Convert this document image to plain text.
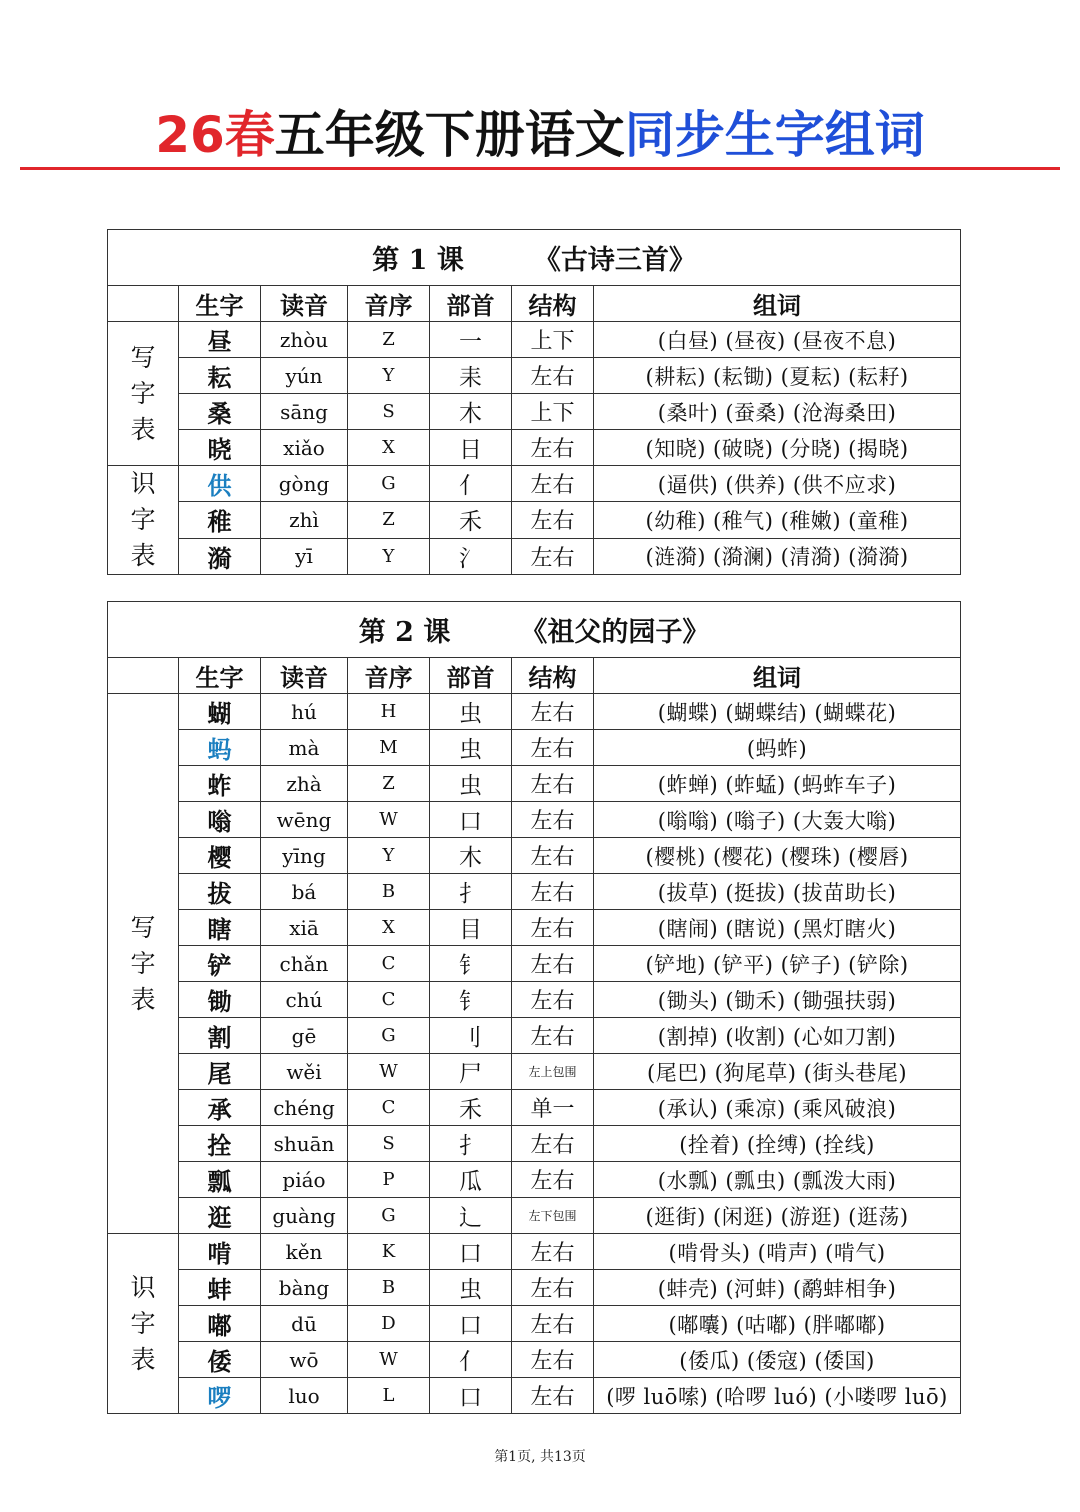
26春五年级下册语文同步生字组词
第 1 课 《古诗三首》						
	生字	读音	音序	部首	结构	组词

写
字
表	昼	zhòu	Z	一	上下	(白昼) (昼夜) (昼夜不息)
	耘	yún	Y	耒	左右	(耕耘) (耘锄) (夏耘) (耘耔)
	桑	sāng	S	木	上下	(桑叶) (蚕桑) (沧海桑田)
	晓	xiǎo	X	日	左右	(知晓) (破晓) (分晓) (揭晓)

识
字
表	供	gòng	G	亻	左右	(逼供) (供养) (供不应求)
	稚	zhì	Z	禾	左右	(幼稚) (稚气) (稚嫩) (童稚)
	漪	yī	Y	氵	左右	(涟漪) (漪澜) (清漪) (漪漪)
第 2 课 《祖父的园子》						
	生字	读音	音序	部首	结构	组词

写
字
表	蝴	hú	H	虫	左右	(蝴蝶) (蝴蝶结) (蝴蝶花)
	蚂	mà	M	虫	左右	(蚂蚱)
	蚱	zhà	Z	虫	左右	(蚱蝉) (蚱蜢) (蚂蚱车子)
	嗡	wēng	W	口	左右	(嗡嗡) (嗡子) (大轰大嗡)
	樱	yīng	Y	木	左右	(樱桃) (樱花) (樱珠) (樱唇)
	拔	bá	B	扌	左右	(拔草) (挺拔) (拔苗助长)
	瞎	xiā	X	目	左右	(瞎闹) (瞎说) (黑灯瞎火)
	铲	chǎn	C	钅	左右	(铲地) (铲平) (铲子) (铲除)
	锄	chú	C	钅	左右	(锄头) (锄禾) (锄强扶弱)
	割	gē	G	刂	左右	(割掉) (收割) (心如刀割)
	尾	wěi	W	尸	左上包围	(尾巴) (狗尾草) (街头巷尾)
	承	chéng	C	禾	单一	(承认) (乘凉) (乘风破浪)
	拴	shuān	S	扌	左右	(拴着) (拴缚) (拴线)
	瓢	piáo	P	瓜	左右	(水瓢) (瓢虫) (瓢泼大雨)
	逛	guàng	G	辶	左下包围	(逛街) (闲逛) (游逛) (逛荡)

识
字
表	啃	kěn	K	口	左右	(啃骨头) (啃声) (啃气)
	蚌	bàng	B	虫	左右	(蚌壳) (河蚌) (鹬蚌相争)
	嘟	dū	D	口	左右	(嘟囔) (咕嘟) (胖嘟嘟)
	倭	wō	W	亻	左右	(倭瓜) (倭寇) (倭国)
	啰	luo	L	口	左右	(啰 luō嗦) (哈啰 luó) (小喽啰 luō)
第1页, 共13页
